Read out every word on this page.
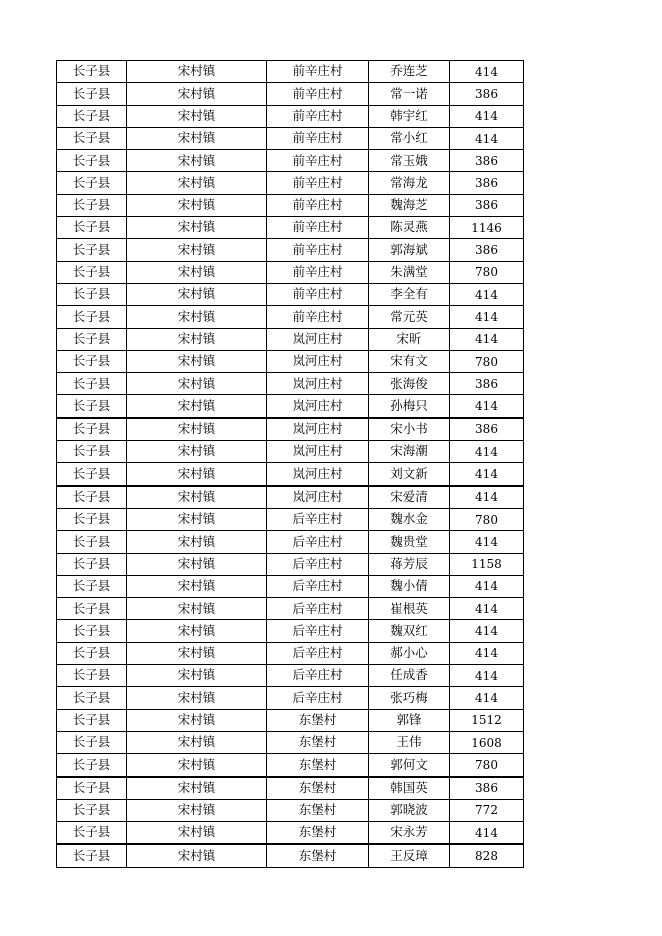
长子县	宋村镇	前辛庄村	乔连芝	414
长子县	宋村镇	前辛庄村	常一诺	386
长子县	宋村镇	前辛庄村	韩宇红	414
长子县	宋村镇	前辛庄村	常小红	414
长子县	宋村镇	前辛庄村	常玉娥	386
长子县	宋村镇	前辛庄村	常海龙	386
长子县	宋村镇	前辛庄村	魏海芝	386
长子县	宋村镇	前辛庄村	陈灵燕	1146
长子县	宋村镇	前辛庄村	郭海斌	386
长子县	宋村镇	前辛庄村	朱满堂	780
长子县	宋村镇	前辛庄村	李全有	414
长子县	宋村镇	前辛庄村	常元英	414
长子县	宋村镇	岚河庄村	宋昕	414
长子县	宋村镇	岚河庄村	宋有文	780
长子县	宋村镇	岚河庄村	张海俊	386
长子县	宋村镇	岚河庄村	孙梅只	414
长子县	宋村镇	岚河庄村	宋小书	386
长子县	宋村镇	岚河庄村	宋海潮	414
长子县	宋村镇	岚河庄村	刘文新	414
长子县	宋村镇	岚河庄村	宋爱清	414
长子县	宋村镇	后辛庄村	魏水金	780
长子县	宋村镇	后辛庄村	魏贵堂	414
长子县	宋村镇	后辛庄村	蒋芳辰	1158
长子县	宋村镇	后辛庄村	魏小倩	414
长子县	宋村镇	后辛庄村	崔根英	414
长子县	宋村镇	后辛庄村	魏双红	414
长子县	宋村镇	后辛庄村	郝小心	414
长子县	宋村镇	后辛庄村	任成香	414
长子县	宋村镇	后辛庄村	张巧梅	414
长子县	宋村镇	东堡村	郭锋	1512
长子县	宋村镇	东堡村	王伟	1608
长子县	宋村镇	东堡村	郭何文	780
长子县	宋村镇	东堡村	韩国英	386
长子县	宋村镇	东堡村	郭晓波	772
长子县	宋村镇	东堡村	宋永芳	414
长子县	宋村镇	东堡村	王反璋	828
